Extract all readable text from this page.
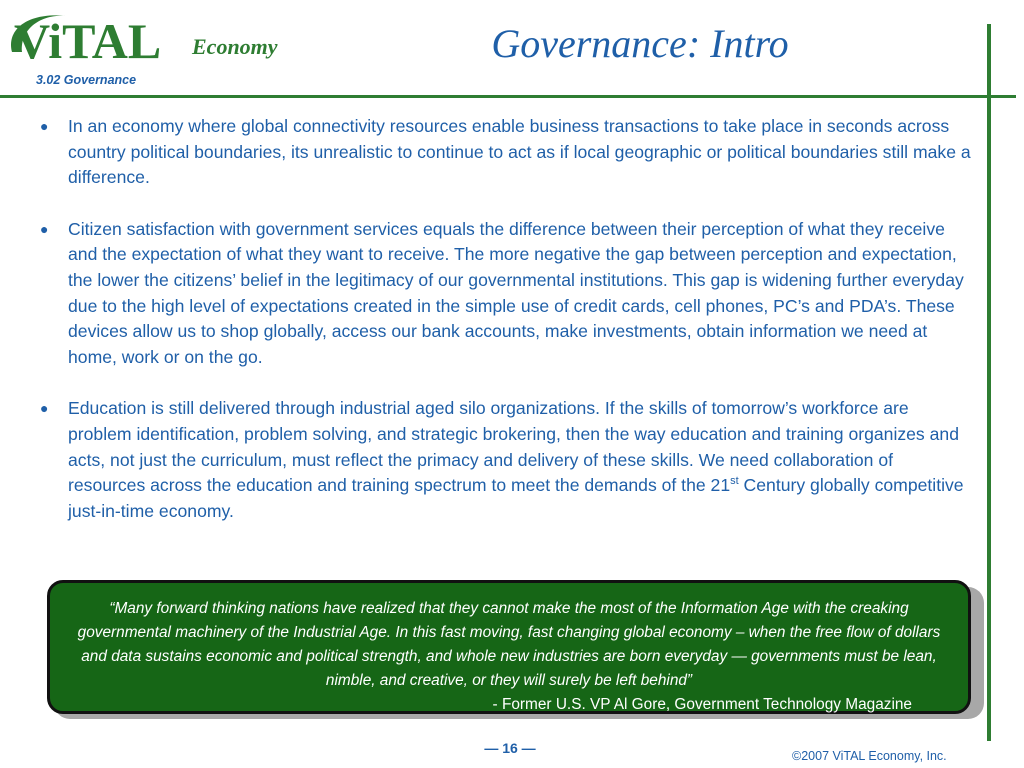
ViTAL Economy
3.02 Governance
Governance: Intro
● In an economy where global connectivity resources enable business transactions to take place in seconds across country political boundaries, its unrealistic to continue to act as if local geographic or political boundaries still make a difference.
● Citizen satisfaction with government services equals the difference between their perception of what they receive and the expectation of what they want to receive. The more negative the gap between perception and expectation, the lower the citizens’ belief in the legitimacy of our governmental institutions. This gap is widening further everyday due to the high level of expectations created in the simple use of credit cards, cell phones, PC’s and PDA’s. These devices allow us to shop globally, access our bank accounts, make investments, obtain information we need at home, work or on the go.
● Education is still delivered through industrial aged silo organizations. If the skills of tomorrow’s workforce are problem identification, problem solving, and strategic brokering, then the way education and training organizes and acts, not just the curriculum, must reflect the primacy and delivery of these skills. We need collaboration of resources across the education and training spectrum to meet the demands of the 21st Century globally competitive just-in-time economy.
“Many forward thinking nations have realized that they cannot make the most of the Information Age with the creaking governmental machinery of the Industrial Age. In this fast moving, fast changing global economy – when the free flow of dollars and data sustains economic and political strength, and whole new industries are born everyday — governments must be lean, nimble, and creative, or they will surely be left behind”
- Former U.S. VP Al Gore, Government Technology Magazine
— 16 —	©2007 ViTAL Economy, Inc.
